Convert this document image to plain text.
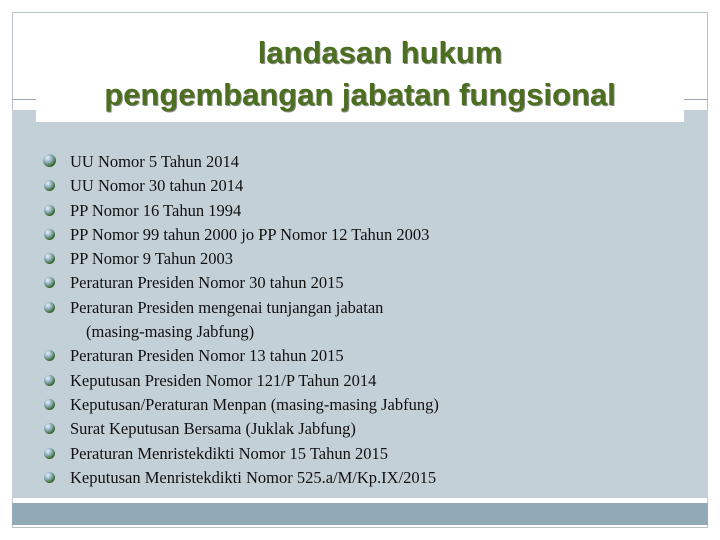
landasan hukum
pengembangan jabatan fungsional
UU Nomor 5 Tahun 2014
UU Nomor 30 tahun 2014
PP Nomor 16 Tahun 1994
PP Nomor 99 tahun 2000 jo PP Nomor 12 Tahun 2003
PP Nomor 9 Tahun 2003
Peraturan Presiden Nomor 30 tahun 2015
Peraturan Presiden mengenai tunjangan jabatan
(masing-masing Jabfung)
Peraturan Presiden Nomor 13 tahun 2015
Keputusan Presiden Nomor 121/P Tahun 2014
Keputusan/Peraturan Menpan (masing-masing Jabfung)
Surat Keputusan Bersama (Juklak Jabfung)
Peraturan Menristekdikti Nomor 15 Tahun 2015
Keputusan Menristekdikti Nomor 525.a/M/Kp.IX/2015
